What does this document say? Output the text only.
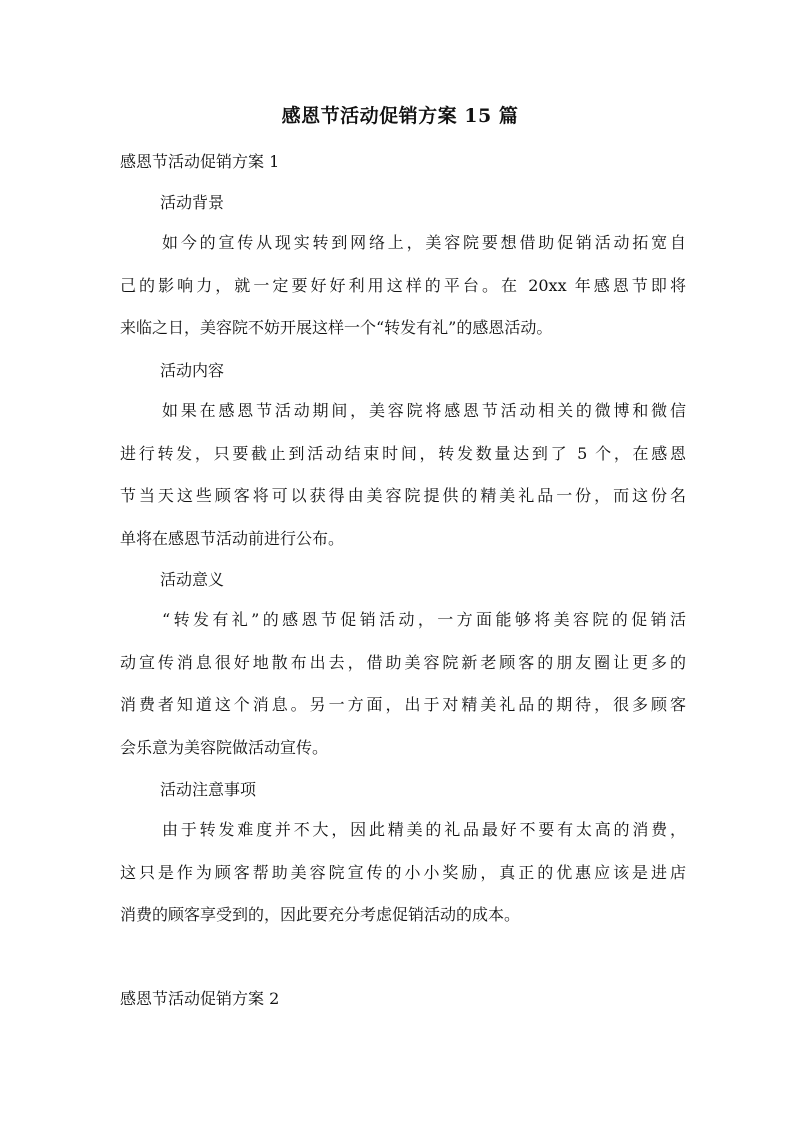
感恩节活动促销方案 15 篇
感恩节活动促销方案 1
活动背景
如今的宣传从现实转到网络上，美容院要想借助促销活动拓宽自
己的影响力，就一定要好好利用这样的平台。在 20xx 年感恩节即将
来临之日，美容院不妨开展这样一个“转发有礼”的感恩活动。
活动内容
如果在感恩节活动期间，美容院将感恩节活动相关的微博和微信
进行转发，只要截止到活动结束时间，转发数量达到了 5 个，在感恩
节当天这些顾客将可以获得由美容院提供的精美礼品一份，而这份名
单将在感恩节活动前进行公布。
活动意义
“转发有礼”的感恩节促销活动，一方面能够将美容院的促销活
动宣传消息很好地散布出去，借助美容院新老顾客的朋友圈让更多的
消费者知道这个消息。另一方面，出于对精美礼品的期待，很多顾客
会乐意为美容院做活动宣传。
活动注意事项
由于转发难度并不大，因此精美的礼品最好不要有太高的消费，
这只是作为顾客帮助美容院宣传的小小奖励，真正的优惠应该是进店
消费的顾客享受到的，因此要充分考虑促销活动的成本。
感恩节活动促销方案 2
